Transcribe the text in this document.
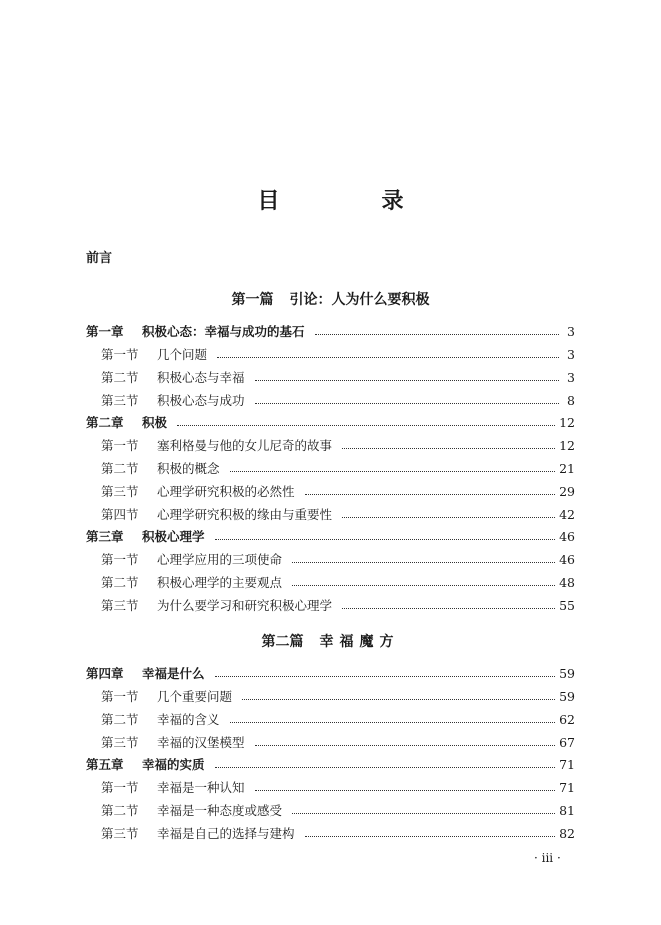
目　录
前言
第一篇 引论：人为什么要积极
第一章	积极心态：幸福与成功的基石	3
第一节	几个问题	3
第二节	积极心态与幸福	3
第三节	积极心态与成功	8
第二章	积极	12
第一节	塞利格曼与他的女儿尼奇的故事	12
第二节	积极的概念	21
第三节	心理学研究积极的必然性	29
第四节	心理学研究积极的缘由与重要性	42
第三章	积极心理学	46
第一节	心理学应用的三项使命	46
第二节	积极心理学的主要观点	48
第三节	为什么要学习和研究积极心理学	55
第二篇 幸福魔方
第四章	幸福是什么	59
第一节	几个重要问题	59
第二节	幸福的含义	62
第三节	幸福的汉堡模型	67
第五章	幸福的实质	71
第一节	幸福是一种认知	71
第二节	幸福是一种态度或感受	81
第三节	幸福是自己的选择与建构	82
· iii ·
